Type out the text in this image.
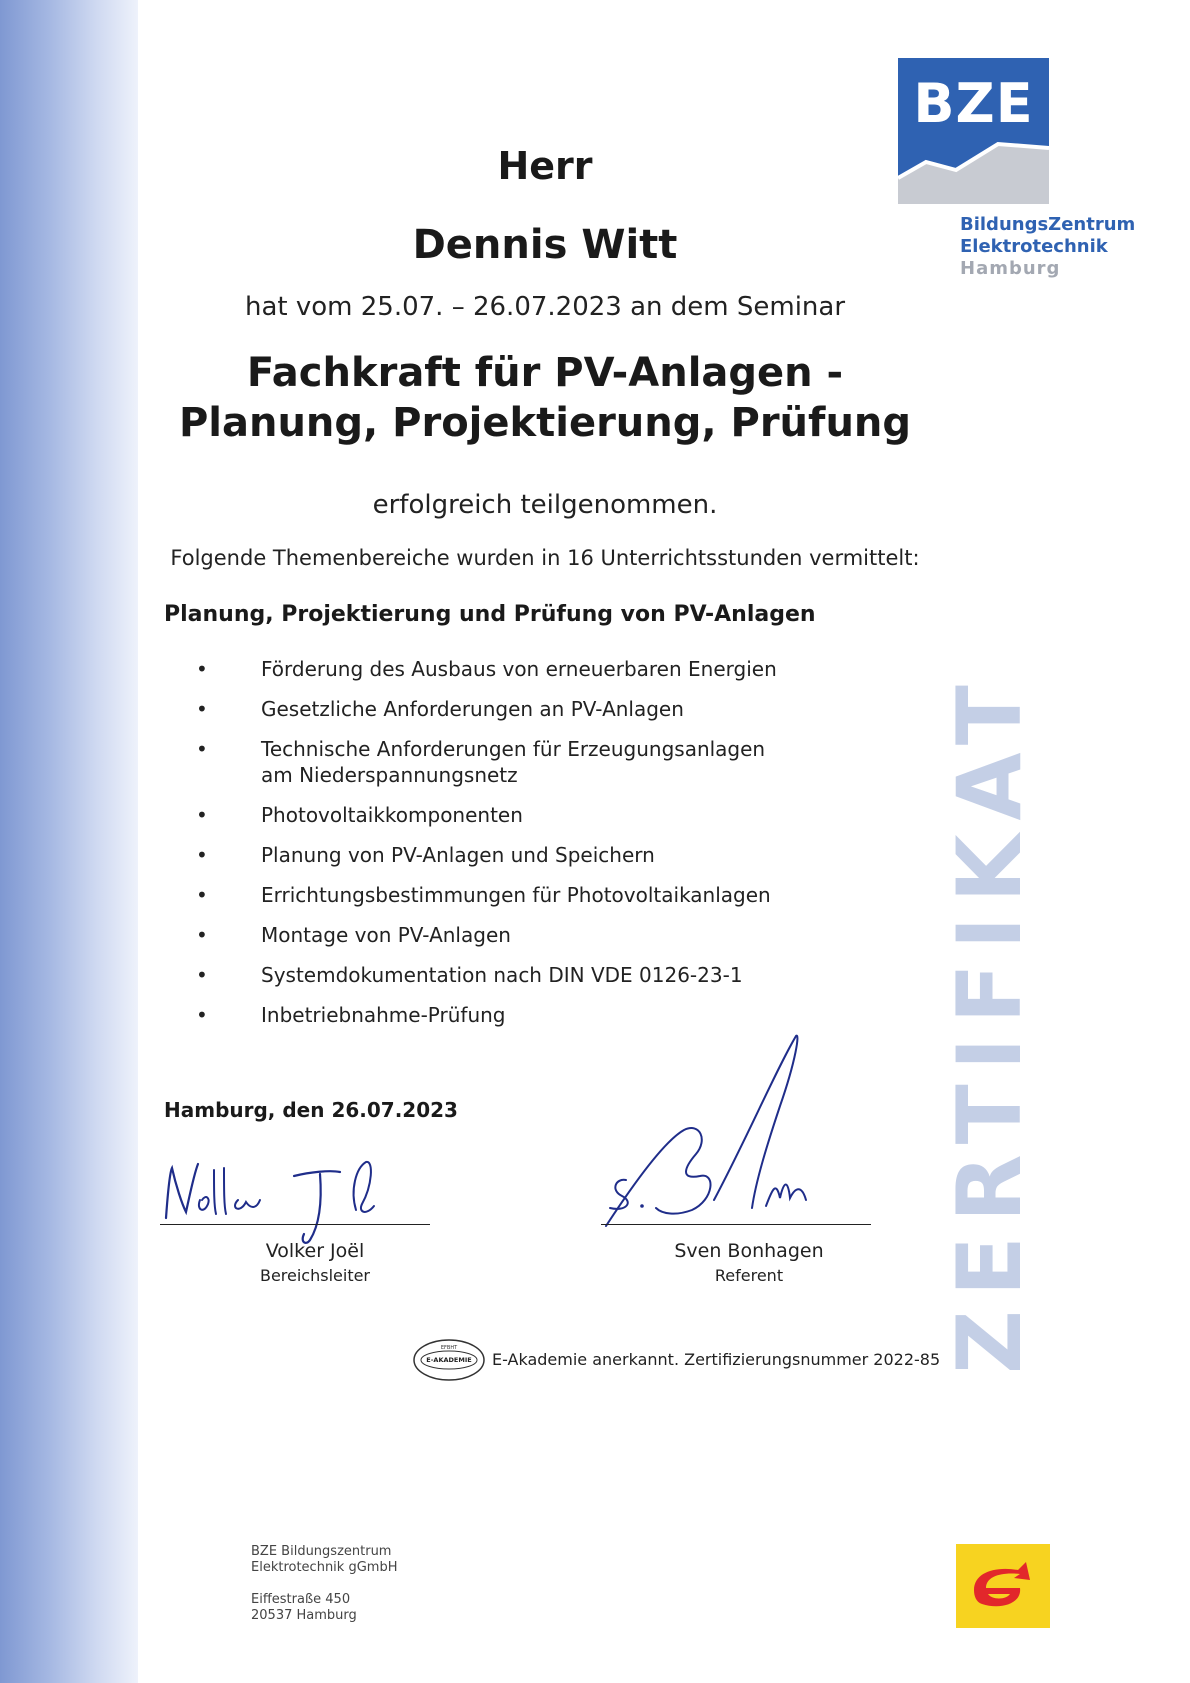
BZE
BildungsZentrum
Elektrotechnik
Hamburg
ZERTIFIKAT
Herr
Dennis Witt
hat vom 25.07. – 26.07.2023 an dem Seminar
Fachkraft für PV-Anlagen -
Planung, Projektierung, Prüfung
erfolgreich teilgenommen.
Folgende Themenbereiche wurden in 16 Unterrichtsstunden vermittelt:
Planung, Projektierung und Prüfung von PV-Anlagen
• Förderung des Ausbaus von erneuerbaren Energien
• Gesetzliche Anforderungen an PV-Anlagen
• Technische Anforderungen für Erzeugungsanlagen
am Niederspannungsnetz
• Photovoltaikkomponenten
• Planung von PV-Anlagen und Speichern
• Errichtungsbestimmungen für Photovoltaikanlagen
• Montage von PV-Anlagen
• Systemdokumentation nach DIN VDE 0126-23-1
• Inbetriebnahme-Prüfung
Hamburg, den 26.07.2023
Volker Joël
Bereichsleiter
Sven Bonhagen
Referent
EFBHT
E-AKADEMIE E-Akademie anerkannt. Zertifizierungsnummer 2022-85
BZE Bildungszentrum
Elektrotechnik gGmbH
Eiffestraße 450
20537 Hamburg
